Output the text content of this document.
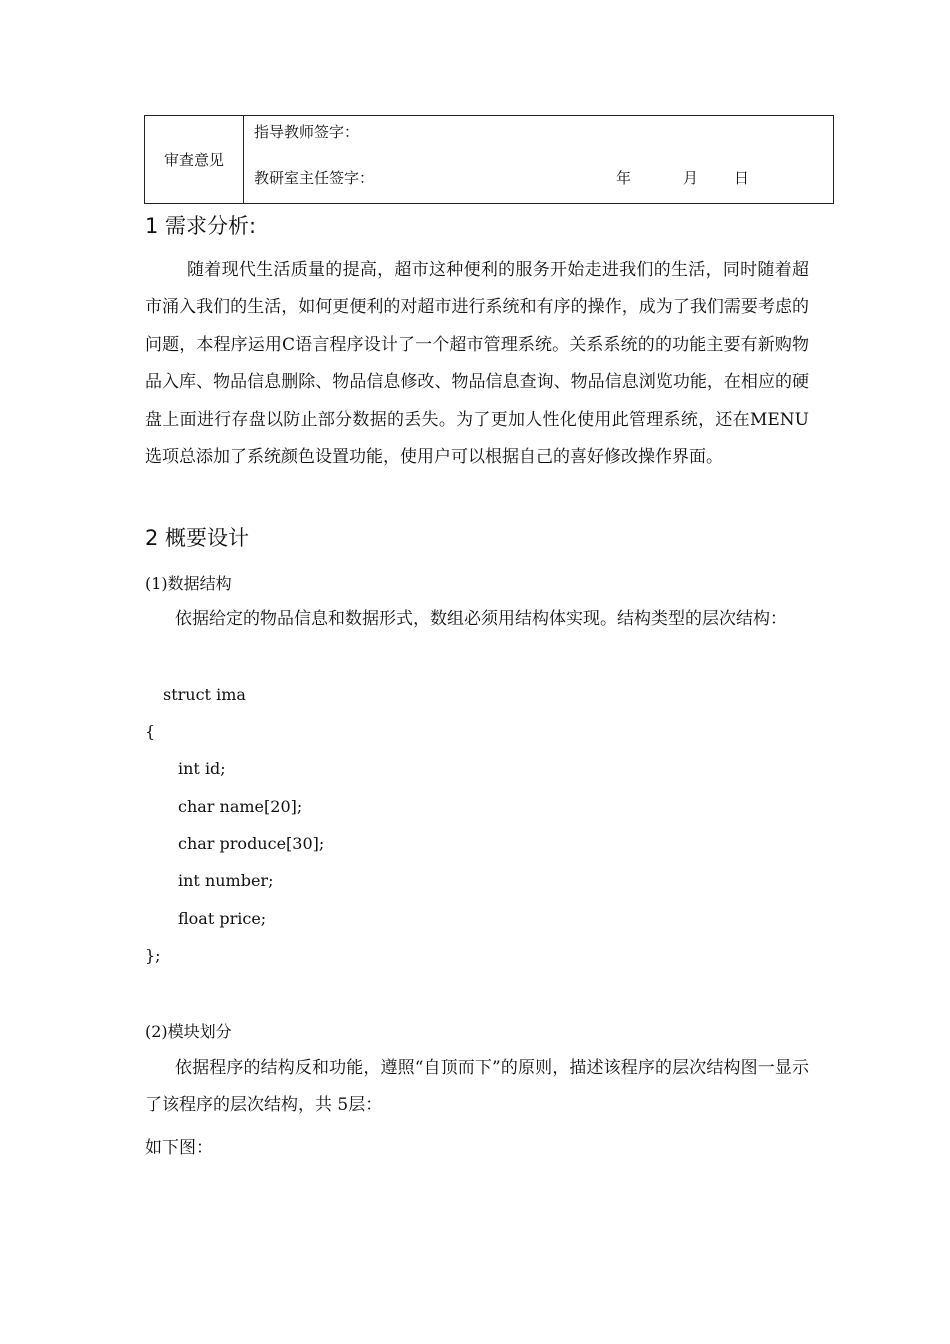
审查意见
指导教师签字：
教研室主任签字：	年	月 日
1 需求分析:

随着现代生活质量的提高，超市这种便利的服务开始走进我们的生活，同时随着超市涌入我们的生活，如何更便利的对超市进行系统和有序的操作，成为了我们需要考虑的问题，本程序运用C语言程序设计了一个超市管理系统。关系系统的的功能主要有新购物品入库、物品信息删除、物品信息修改、物品信息查询、物品信息浏览功能，在相应的硬盘上面进行存盘以防止部分数据的丢失。为了更加人性化使用此管理系统，还在MENU选项总添加了系统颜色设置功能，使用户可以根据自己的喜好修改操作界面。

2 概要设计

(1)数据结构

依据给定的物品信息和数据形式，数组必须用结构体实现。结构类型的层次结构：

struct ima
{
int id;
char name[20];
char produce[30];
int number;
float price;
};

(2)模块划分

依据程序的结构反和功能，遵照“自顶而下”的原则，描述该程序的层次结构图一显示了该程序的层次结构，共 5层：

如下图：
